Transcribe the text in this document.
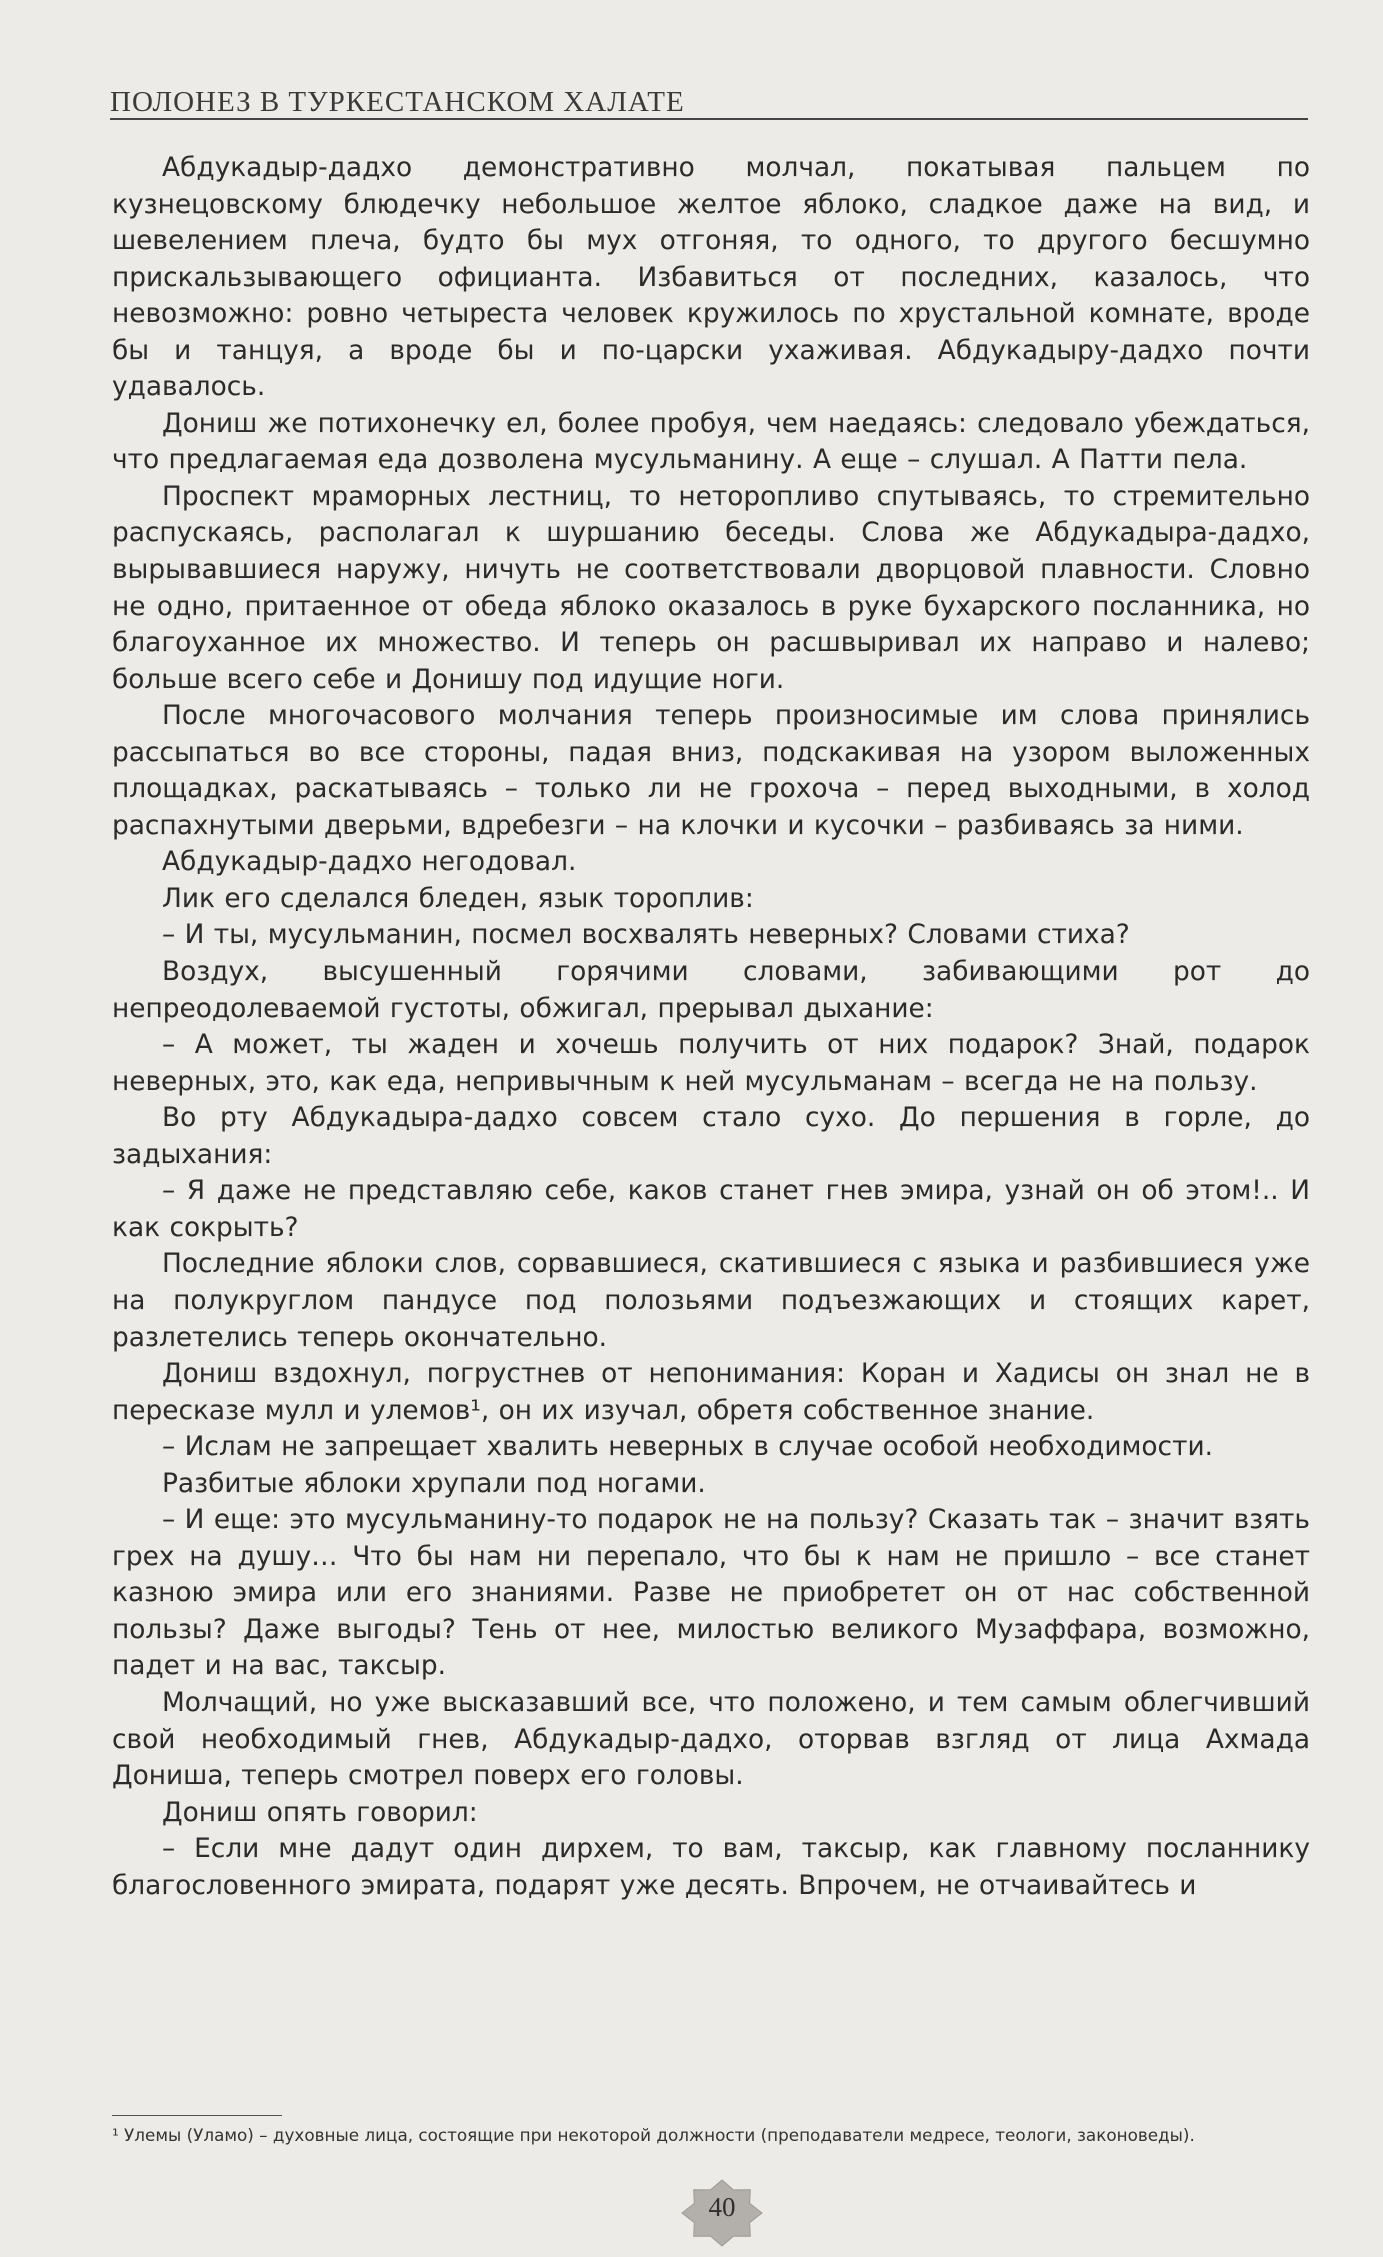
ПОЛОНЕЗ В ТУРКЕСТАНСКОМ ХАЛАТЕ

Абдукадыр-дадхо демонстративно молчал, покатывая пальцем по кузнецовскому блюдечку небольшое желтое яблоко, сладкое даже на вид, и шевелением плеча, будто бы мух отгоняя, то одного, то другого бесшумно прискальзывающего официанта. Избавиться от последних, казалось, что невозможно: ровно четыреста человек кружилось по хрустальной комнате, вроде бы и танцуя, а вроде бы и по-царски ухаживая. Абдукадыру-дадхо почти удавалось.

Дониш же потихонечку ел, более пробуя, чем наедаясь: следовало убеждаться, что предлагаемая еда дозволена мусульманину. А еще – слушал. А Патти пела.

Проспект мраморных лестниц, то неторопливо спутываясь, то стремительно распускаясь, располагал к шуршанию беседы. Слова же Абдукадыра-дадхо, вырывавшиеся наружу, ничуть не соответствовали дворцовой плавности. Словно не одно, притаенное от обеда яблоко оказалось в руке бухарского посланника, но благоуханное их множество. И теперь он расшвыривал их направо и налево; больше всего себе и Донишу под идущие ноги.

После многочасового молчания теперь произносимые им слова принялись рассыпаться во все стороны, падая вниз, подскакивая на узором выложенных площадках, раскатываясь – только ли не грохоча – перед выходными, в холод распахнутыми дверьми, вдребезги – на клочки и кусочки – разбиваясь за ними.

Абдукадыр-дадхо негодовал.

Лик его сделался бледен, язык тороплив:

– И ты, мусульманин, посмел восхвалять неверных? Словами стиха?

Воздух, высушенный горячими словами, забивающими рот до непреодолеваемой густоты, обжигал, прерывал дыхание:

– А может, ты жаден и хочешь получить от них подарок? Знай, подарок неверных, это, как еда, непривычным к ней мусульманам – всегда не на пользу.

Во рту Абдукадыра-дадхо совсем стало сухо. До першения в горле, до задыхания:

– Я даже не представляю себе, каков станет гнев эмира, узнай он об этом!.. И как сокрыть?

Последние яблоки слов, сорвавшиеся, скатившиеся с языка и разбившиеся уже на полукруглом пандусе под полозьями подъезжающих и стоящих карет, разлетелись теперь окончательно.

Дониш вздохнул, погрустнев от непонимания: Коран и Хадисы он знал не в пересказе мулл и улемов¹, он их изучал, обретя собственное знание.

– Ислам не запрещает хвалить неверных в случае особой необходимости.

Разбитые яблоки хрупали под ногами.

– И еще: это мусульманину-то подарок не на пользу? Сказать так – значит взять грех на душу… Что бы нам ни перепало, что бы к нам не пришло – все станет казною эмира или его знаниями. Разве не приобретет он от нас собственной пользы? Даже выгоды? Тень от нее, милостью великого Музаффара, возможно, падет и на вас, таксыр.

Молчащий, но уже высказавший все, что положено, и тем самым облегчивший свой необходимый гнев, Абдукадыр-дадхо, оторвав взгляд от лица Ахмада Дониша, теперь смотрел поверх его головы.

Дониш опять говорил:

– Если мне дадут один дирхем, то вам, таксыр, как главному посланнику благословенного эмирата, подарят уже десять. Впрочем, не отчаивайтесь и

¹ Улемы (Уламо) – духовные лица, состоящие при некоторой должности (преподаватели медресе, теологи, законоведы).
40
